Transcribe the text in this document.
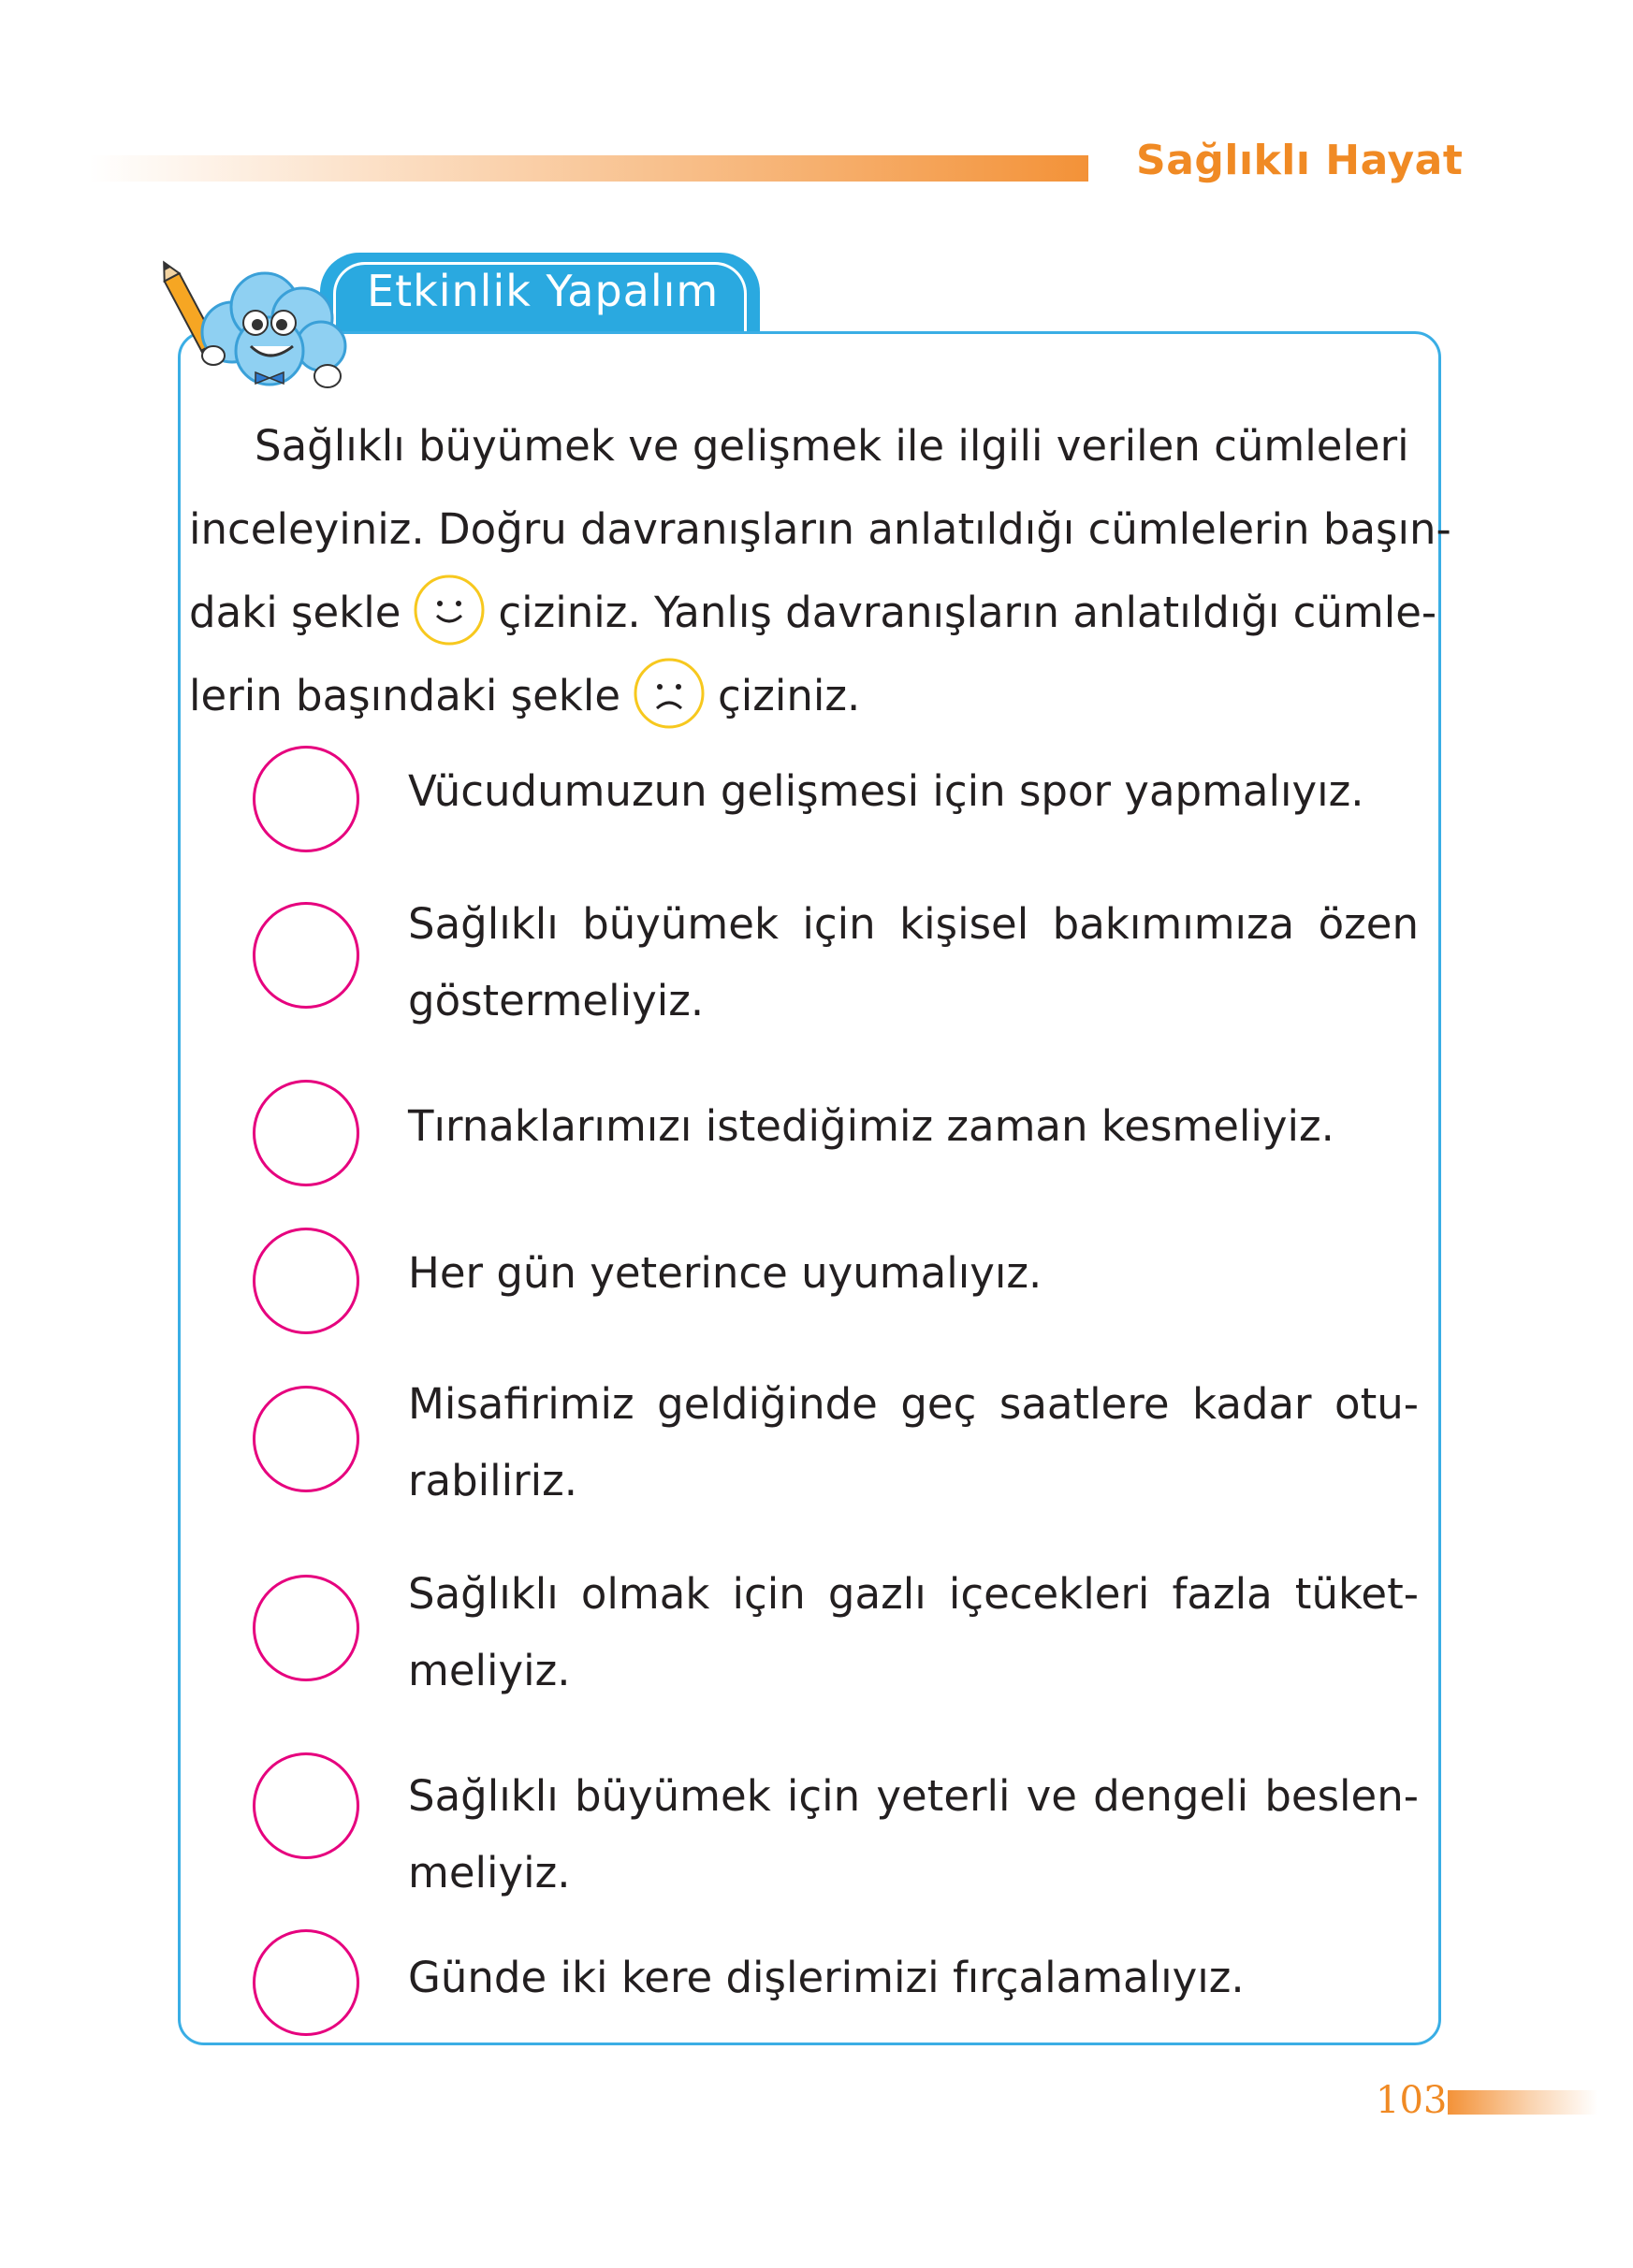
Sağlıklı Hayat
Etkinlik Yapalım
Sağlıklı büyümek ve gelişmek ile ilgili verilen cümleleri
inceleyiniz. Doğru davranışların anlatıldığı cümlelerin başın-
daki şekle çiziniz. Yanlış davranışların anlatıldığı cümle-
lerin başındaki şekle çiziniz.
Vücudumuzun gelişmesi için spor yapmalıyız.
Sağlıklı büyümek için kişisel bakımımıza özen
göstermeliyiz.
Tırnaklarımızı istediğimiz zaman kesmeliyiz.
Her gün yeterince uyumalıyız.
Misafirimiz geldiğinde geç saatlere kadar otu-
rabiliriz.
Sağlıklı olmak için gazlı içecekleri fazla tüket-
meliyiz.
Sağlıklı büyümek için yeterli ve dengeli beslen-
meliyiz.
Günde iki kere dişlerimizi fırçalamalıyız.
103
